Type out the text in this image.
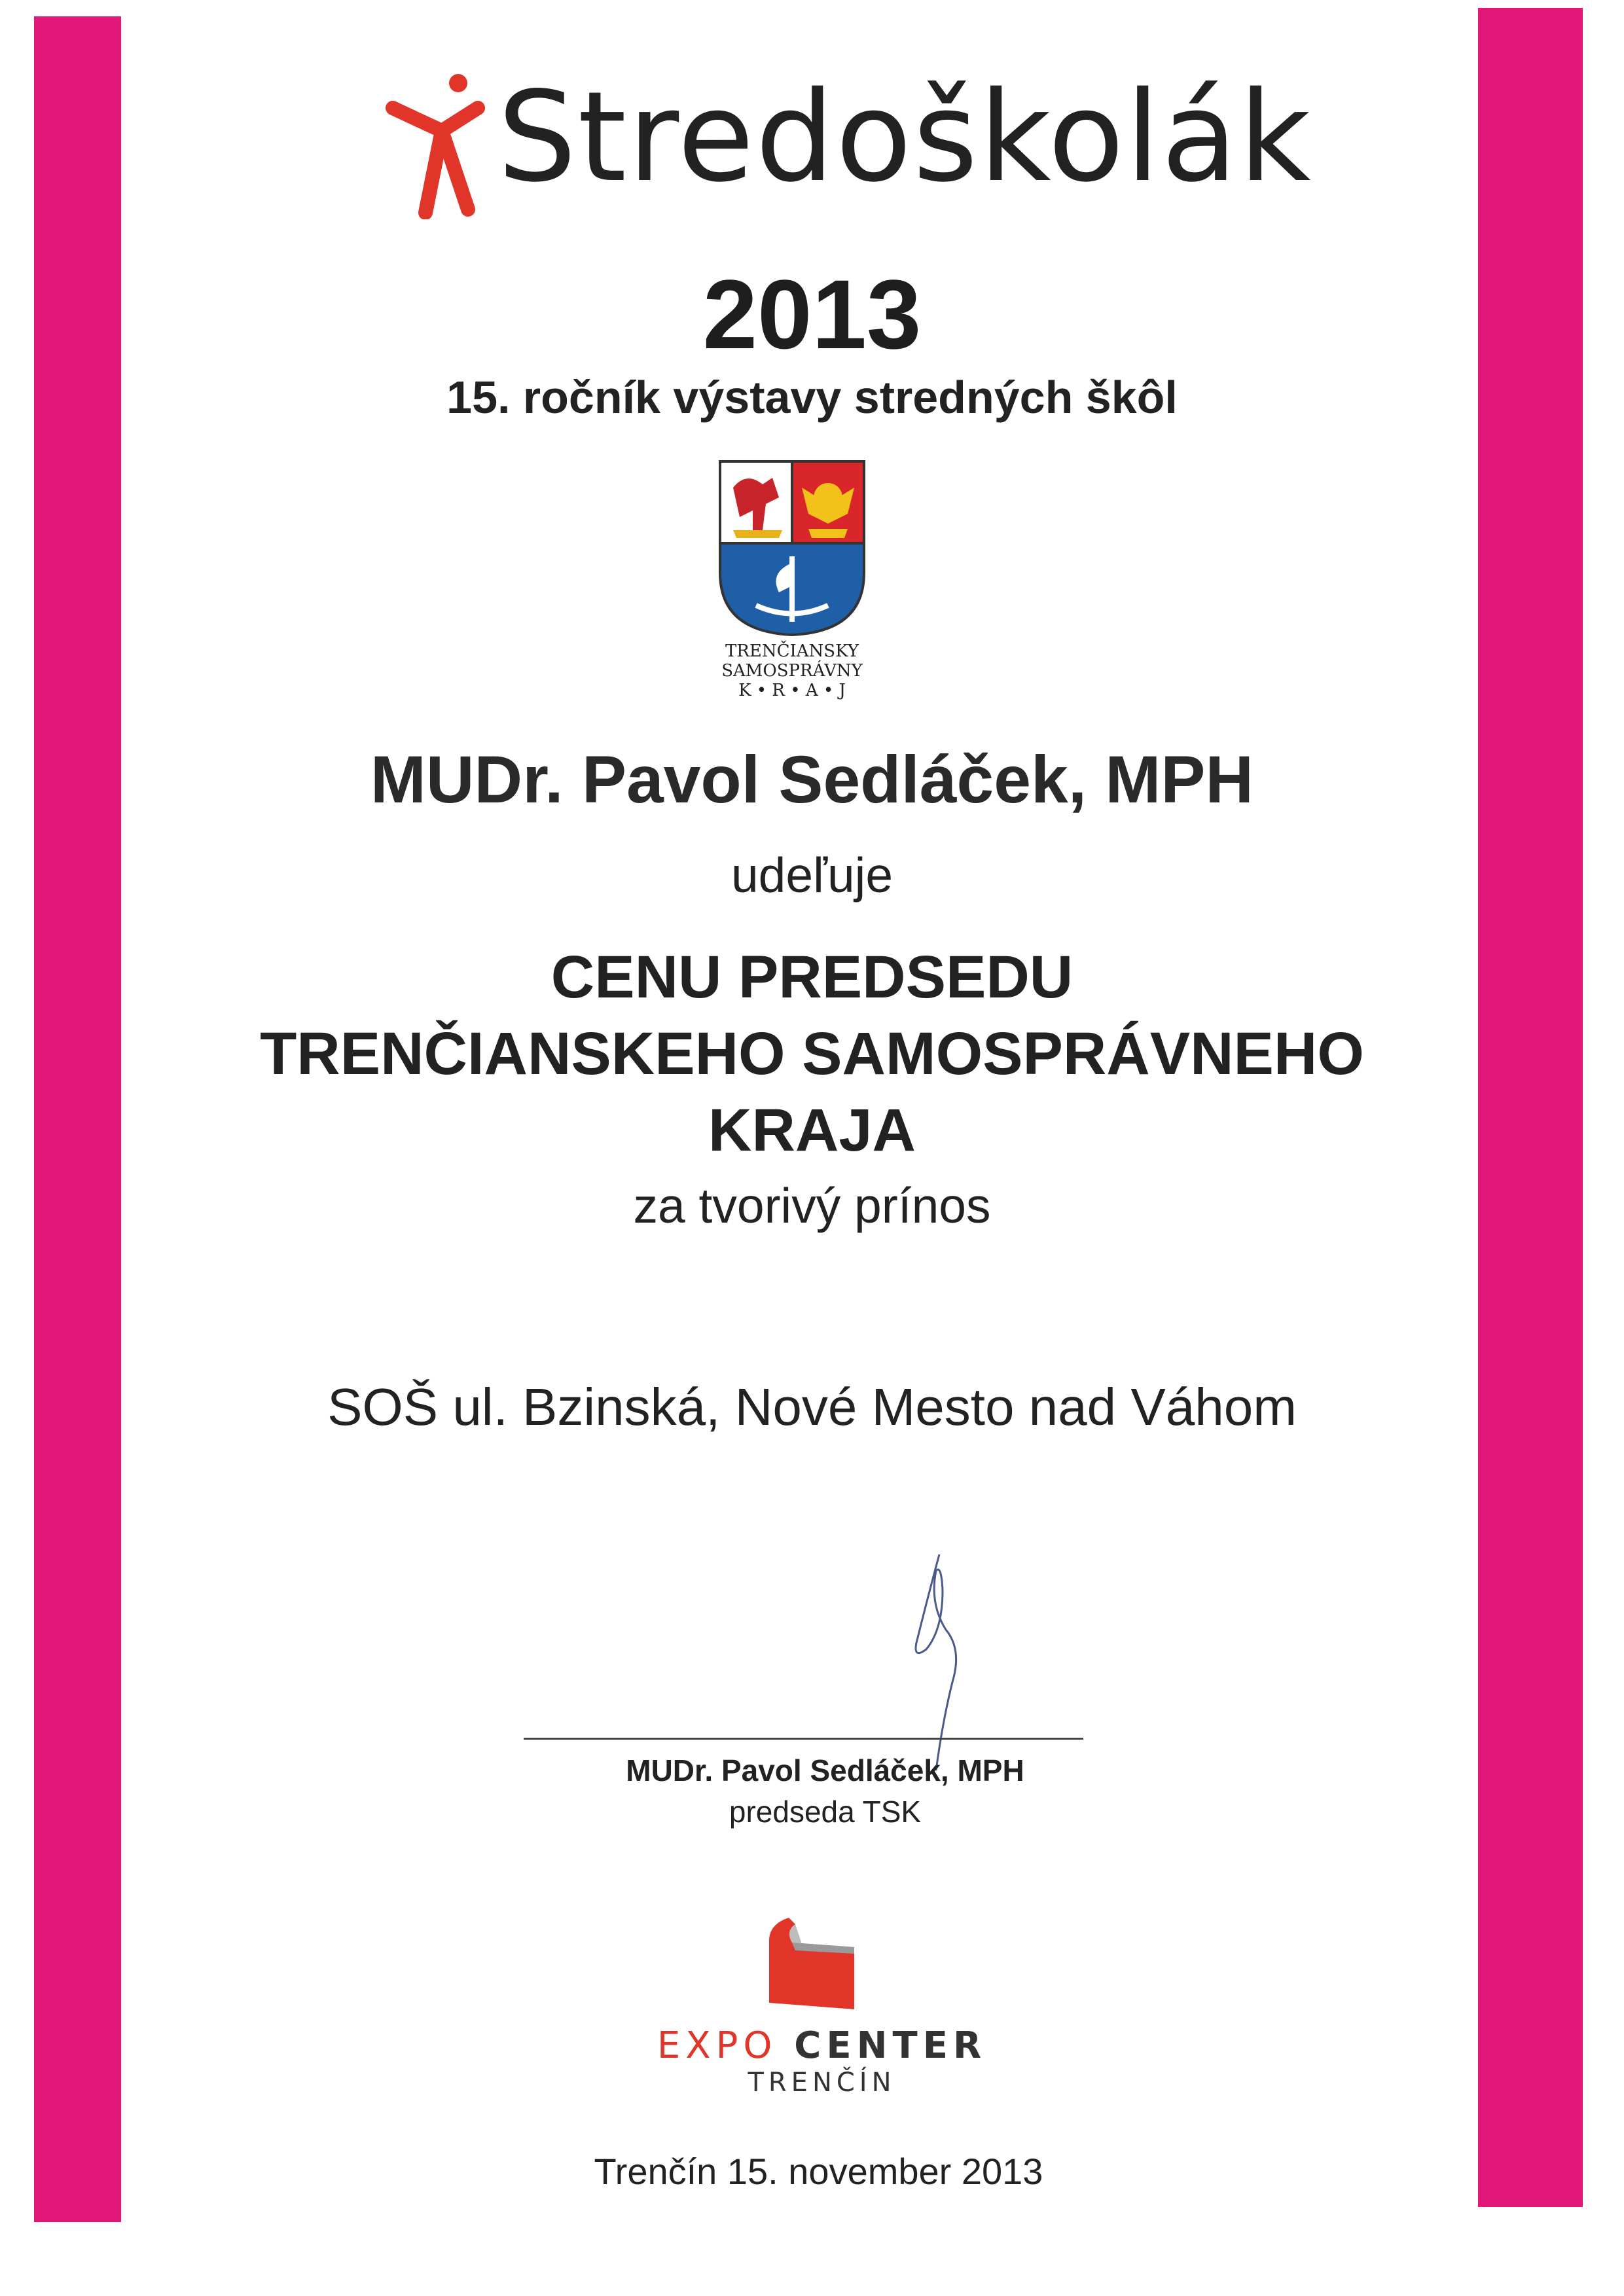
Stredoškolák
2013
15. ročník výstavy stredných škôl
TRENČIANSKY
SAMOSPRÁVNY
K • R • A • J
MUDr. Pavol Sedláček, MPH
udeľuje
CENU PREDSEDU
TRENČIANSKEHO SAMOSPRÁVNEHO
KRAJA
za tvorivý prínos
SOŠ ul. Bzinská, Nové Mesto nad Váhom
MUDr. Pavol Sedláček, MPH
predseda TSK
EXPO CENTER
TRENČÍN
Trenčín 15. november 2013
